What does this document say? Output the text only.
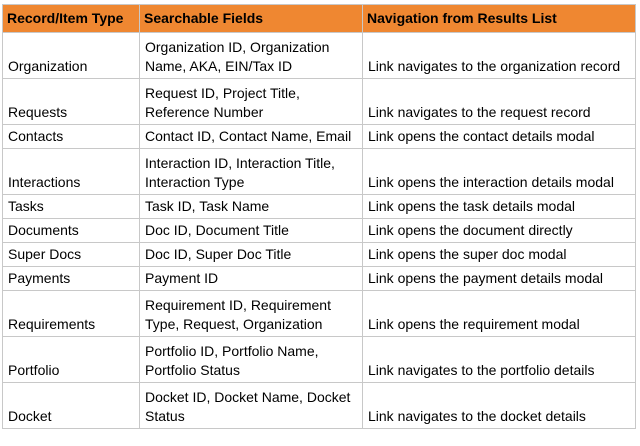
Record/Item Type	Searchable Fields	Navigation from Results List
Organization	Organization ID, Organization Name, AKA, EIN/Tax ID	Link navigates to the organization record
Requests	Request ID, Project Title, Reference Number	Link navigates to the request record
Contacts	Contact ID, Contact Name, Email	Link opens the contact details modal
Interactions	Interaction ID, Interaction Title, Interaction Type	Link opens the interaction details modal
Tasks	Task ID, Task Name	Link opens the task details modal
Documents	Doc ID, Document Title	Link opens the document directly
Super Docs	Doc ID, Super Doc Title	Link opens the super doc modal
Payments	Payment ID	Link opens the payment details modal
Requirements	Requirement ID, Requirement Type, Request, Organization	Link opens the requirement modal
Portfolio	Portfolio ID, Portfolio Name, Portfolio Status	Link navigates to the portfolio details
Docket	Docket ID, Docket Name, Docket Status	Link navigates to the docket details
